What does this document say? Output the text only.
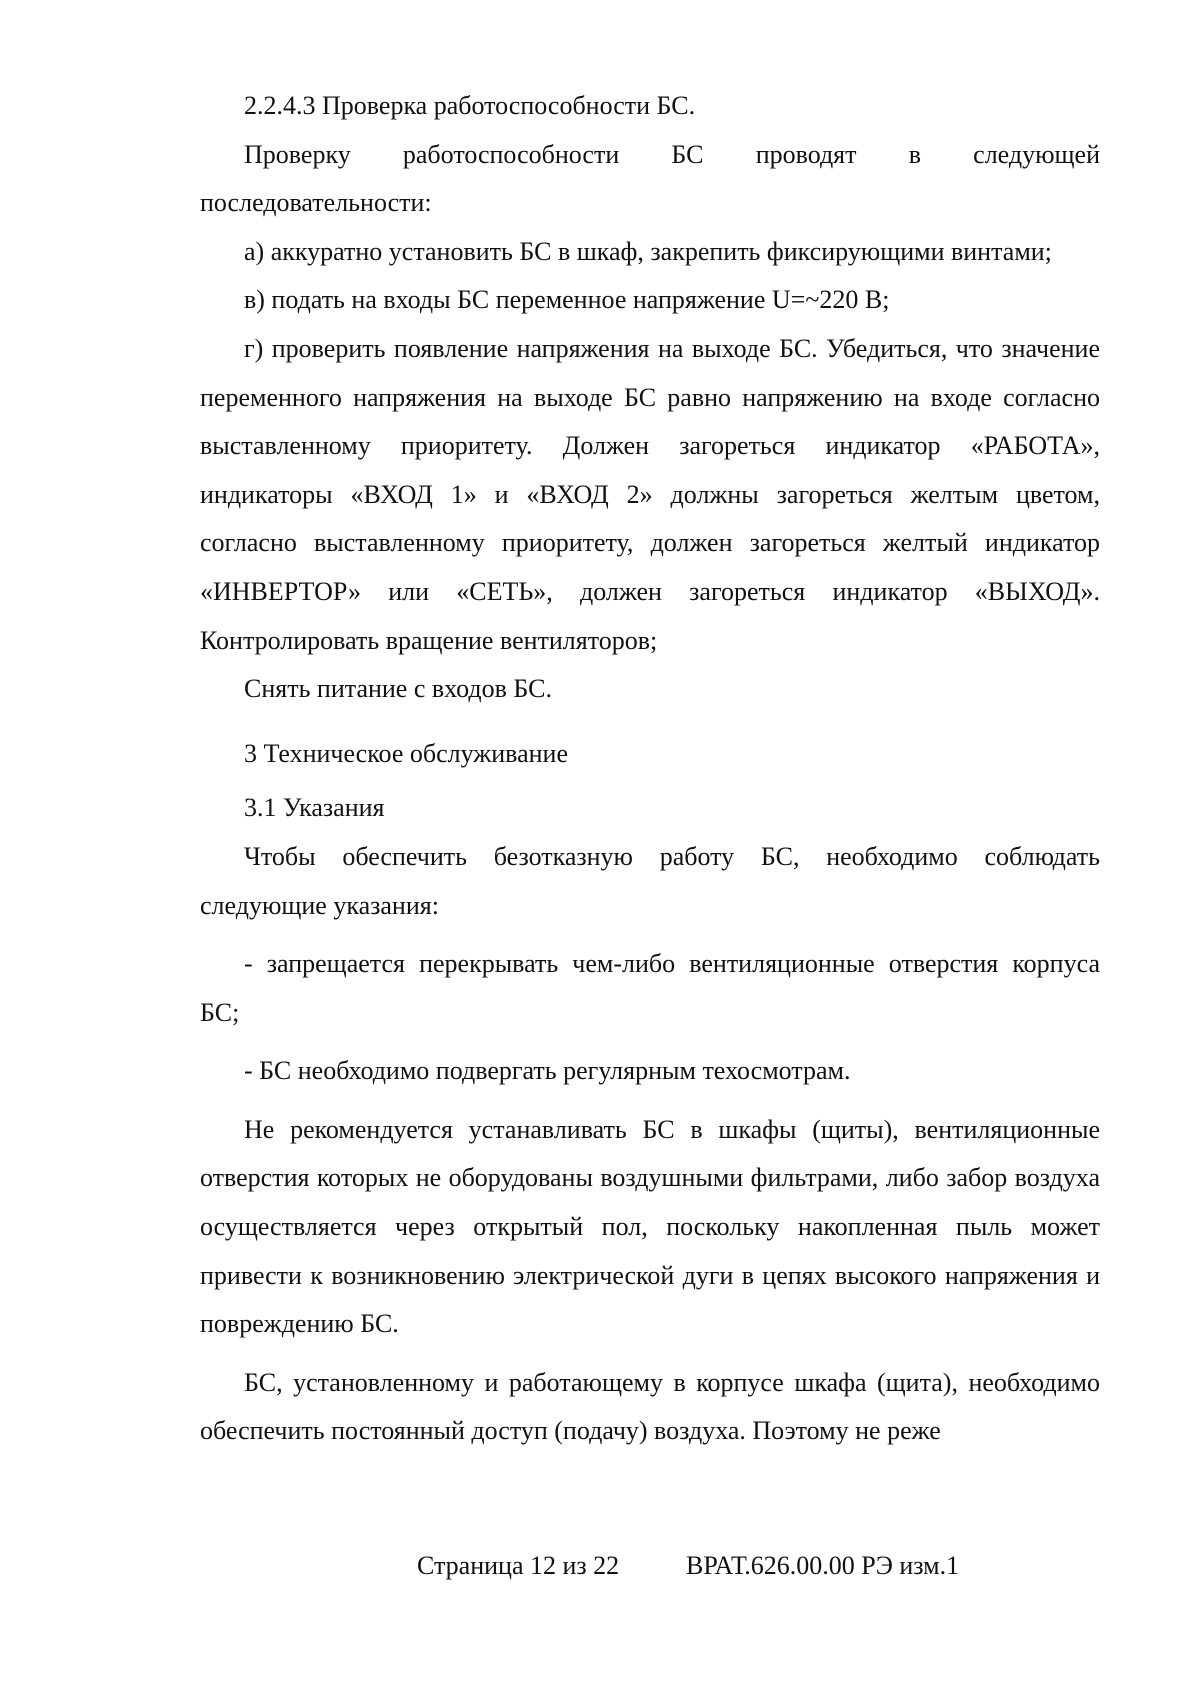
2.2.4.3 Проверка работоспособности БС.

Проверку работоспособности БС проводят в следующей последовательности:

а) аккуратно установить БС в шкаф, закрепить фиксирующими винтами;

в) подать на входы БС переменное напряжение U=~220 В;

г) проверить появление напряжения на выходе БС. Убедиться, что значение переменного напряжения на выходе БС равно напряжению на входе согласно выставленному приоритету. Должен загореться индикатор «РАБОТА», индикаторы «ВХОД 1» и «ВХОД 2» должны загореться желтым цветом, согласно выставленному приоритету, должен загореться желтый индикатор «ИНВЕРТОР» или «СЕТЬ», должен загореться индикатор «ВЫХОД». Контролировать вращение вентиляторов;

Снять питание с входов БС.

3 Техническое обслуживание

3.1 Указания

Чтобы обеспечить безотказную работу БС, необходимо соблюдать следующие указания:

- запрещается перекрывать чем-либо вентиляционные отверстия корпуса БС;

- БС необходимо подвергать регулярным техосмотрам.

Не рекомендуется устанавливать БС в шкафы (щиты), вентиляционные отверстия которых не оборудованы воздушными фильтрами, либо забор воздуха осуществляется через открытый пол, поскольку накопленная пыль может привести к возникновению электрической дуги в цепях высокого напряжения и повреждению БС.

БС, установленному и работающему в корпусе шкафа (щита), необходимо обеспечить постоянный доступ (подачу) воздуха. Поэтому не реже

Страница 12 из 22	ВРАТ.626.00.00 РЭ изм.1
